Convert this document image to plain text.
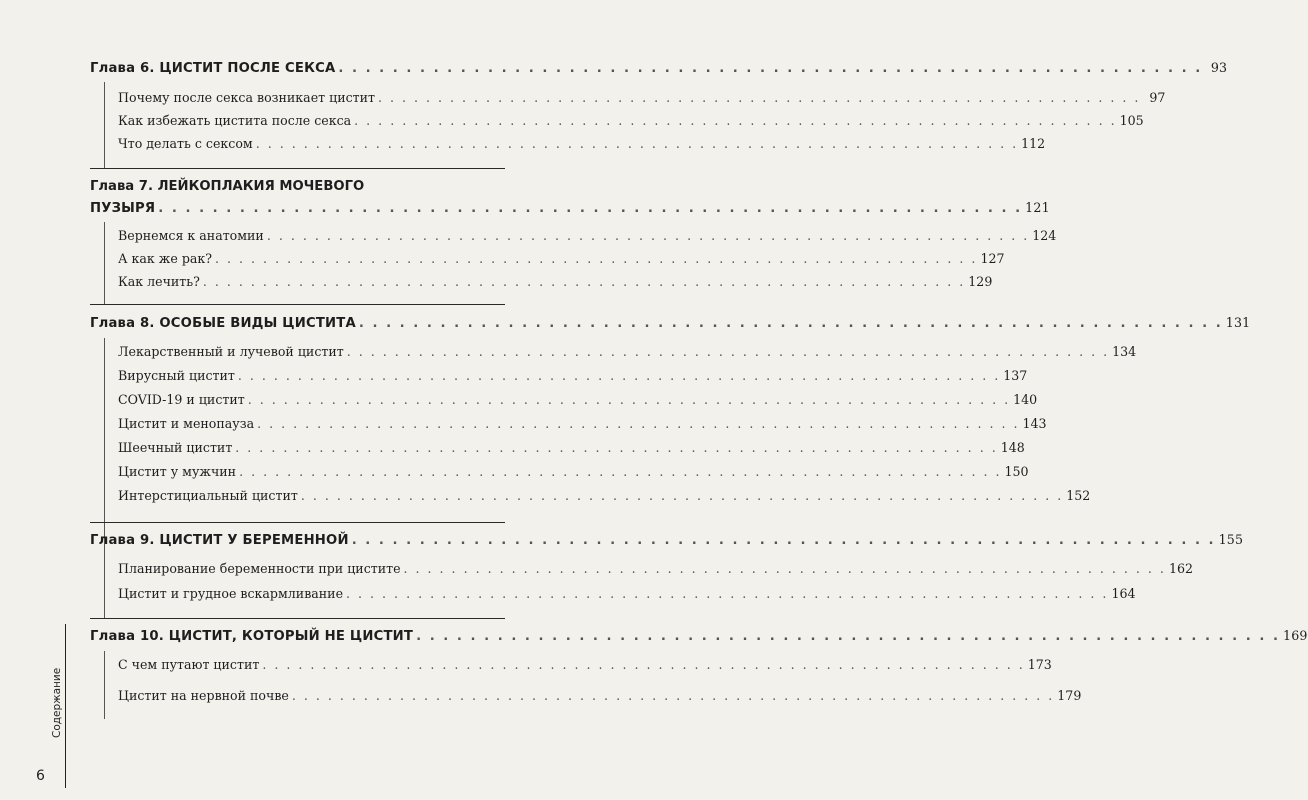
Глава 6. ЦИСТИТ ПОСЛЕ СЕКСА . . . . . . . . . . . . . . . . . . . . . . . . . . . . . . . . . . . . . . . . . . . . . . . . . . . . . . . . . . . . . . . . 93
Почему после секса возникает цистит . . . . . . . . . . . . . . . . . . . . . . . . . . . . . . . . . . . . . . . . . . . . . . . . . . . . . . . . . . . . . . . . 97
Как избежать цистита после секса . . . . . . . . . . . . . . . . . . . . . . . . . . . . . . . . . . . . . . . . . . . . . . . . . . . . . . . . . . . . . . . . 105
Что делать с сексом . . . . . . . . . . . . . . . . . . . . . . . . . . . . . . . . . . . . . . . . . . . . . . . . . . . . . . . . . . . . . . . . 112
Глава 7. ЛЕЙКОПЛАКИЯ МОЧЕВОГО
ПУЗЫРЯ . . . . . . . . . . . . . . . . . . . . . . . . . . . . . . . . . . . . . . . . . . . . . . . . . . . . . . . . . . . . . . . . 121
Вернемся к анатомии . . . . . . . . . . . . . . . . . . . . . . . . . . . . . . . . . . . . . . . . . . . . . . . . . . . . . . . . . . . . . . . . 124
А как же рак? . . . . . . . . . . . . . . . . . . . . . . . . . . . . . . . . . . . . . . . . . . . . . . . . . . . . . . . . . . . . . . . . 127
Как лечить? . . . . . . . . . . . . . . . . . . . . . . . . . . . . . . . . . . . . . . . . . . . . . . . . . . . . . . . . . . . . . . . . 129
Глава 8. ОСОБЫЕ ВИДЫ ЦИСТИТА . . . . . . . . . . . . . . . . . . . . . . . . . . . . . . . . . . . . . . . . . . . . . . . . . . . . . . . . . . . . . . . . 131
Лекарственный и лучевой цистит . . . . . . . . . . . . . . . . . . . . . . . . . . . . . . . . . . . . . . . . . . . . . . . . . . . . . . . . . . . . . . . . 134
Вирусный цистит . . . . . . . . . . . . . . . . . . . . . . . . . . . . . . . . . . . . . . . . . . . . . . . . . . . . . . . . . . . . . . . . 137
COVID-19 и цистит . . . . . . . . . . . . . . . . . . . . . . . . . . . . . . . . . . . . . . . . . . . . . . . . . . . . . . . . . . . . . . . . 140
Цистит и менопауза . . . . . . . . . . . . . . . . . . . . . . . . . . . . . . . . . . . . . . . . . . . . . . . . . . . . . . . . . . . . . . . . 143
Шеечный цистит . . . . . . . . . . . . . . . . . . . . . . . . . . . . . . . . . . . . . . . . . . . . . . . . . . . . . . . . . . . . . . . . 148
Цистит у мужчин . . . . . . . . . . . . . . . . . . . . . . . . . . . . . . . . . . . . . . . . . . . . . . . . . . . . . . . . . . . . . . . . 150
Интерстициальный цистит . . . . . . . . . . . . . . . . . . . . . . . . . . . . . . . . . . . . . . . . . . . . . . . . . . . . . . . . . . . . . . . . 152
Глава 9. ЦИСТИТ У БЕРЕМЕННОЙ . . . . . . . . . . . . . . . . . . . . . . . . . . . . . . . . . . . . . . . . . . . . . . . . . . . . . . . . . . . . . . . . 155
Планирование беременности при цистите . . . . . . . . . . . . . . . . . . . . . . . . . . . . . . . . . . . . . . . . . . . . . . . . . . . . . . . . . . . . . . . . 162
Цистит и грудное вскармливание . . . . . . . . . . . . . . . . . . . . . . . . . . . . . . . . . . . . . . . . . . . . . . . . . . . . . . . . . . . . . . . . 164
Глава 10. ЦИСТИТ, КОТОРЫЙ НЕ ЦИСТИТ . . . . . . . . . . . . . . . . . . . . . . . . . . . . . . . . . . . . . . . . . . . . . . . . . . . . . . . . . . . . . . . . 169
С чем путают цистит . . . . . . . . . . . . . . . . . . . . . . . . . . . . . . . . . . . . . . . . . . . . . . . . . . . . . . . . . . . . . . . . 173
Цистит на нервной почве . . . . . . . . . . . . . . . . . . . . . . . . . . . . . . . . . . . . . . . . . . . . . . . . . . . . . . . . . . . . . . . . 179
Содержание
6
